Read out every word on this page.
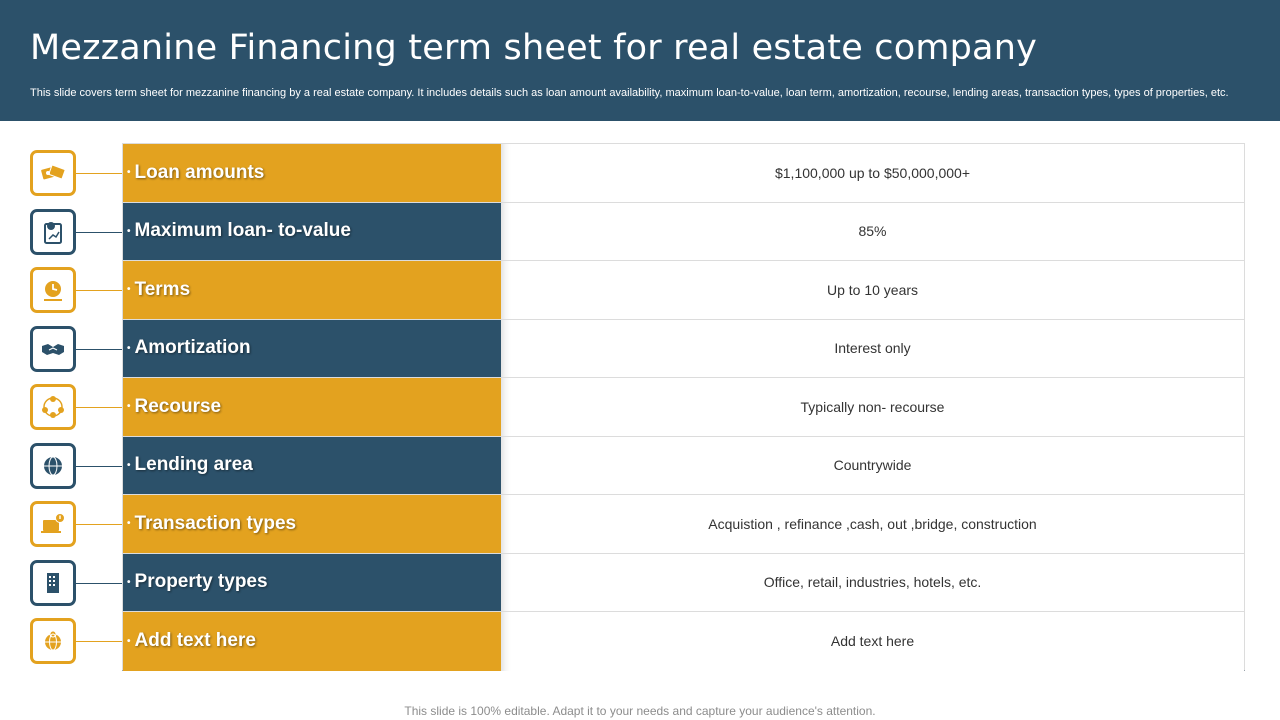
Mezzanine Financing term sheet for real estate company

This slide covers term sheet for mezzanine financing by a real estate company. It includes details such as loan amount availability, maximum loan-to-value, loan term, amortization, recourse, lending areas, transaction types, types of properties, etc.

• Loan amounts	$1,100,000 up to $50,000,000+
• Maximum loan- to-value	85%
• Terms	Up to 10 years
• Amortization	Interest only
• Recourse	Typically non- recourse
• Lending area	Countrywide
• Transaction types	Acquistion , refinance ,cash, out ,bridge, construction
• Property types	Office, retail, industries, hotels, etc.
• Add text here	Add text here
This slide is 100% editable. Adapt it to your needs and capture your audience's attention.
